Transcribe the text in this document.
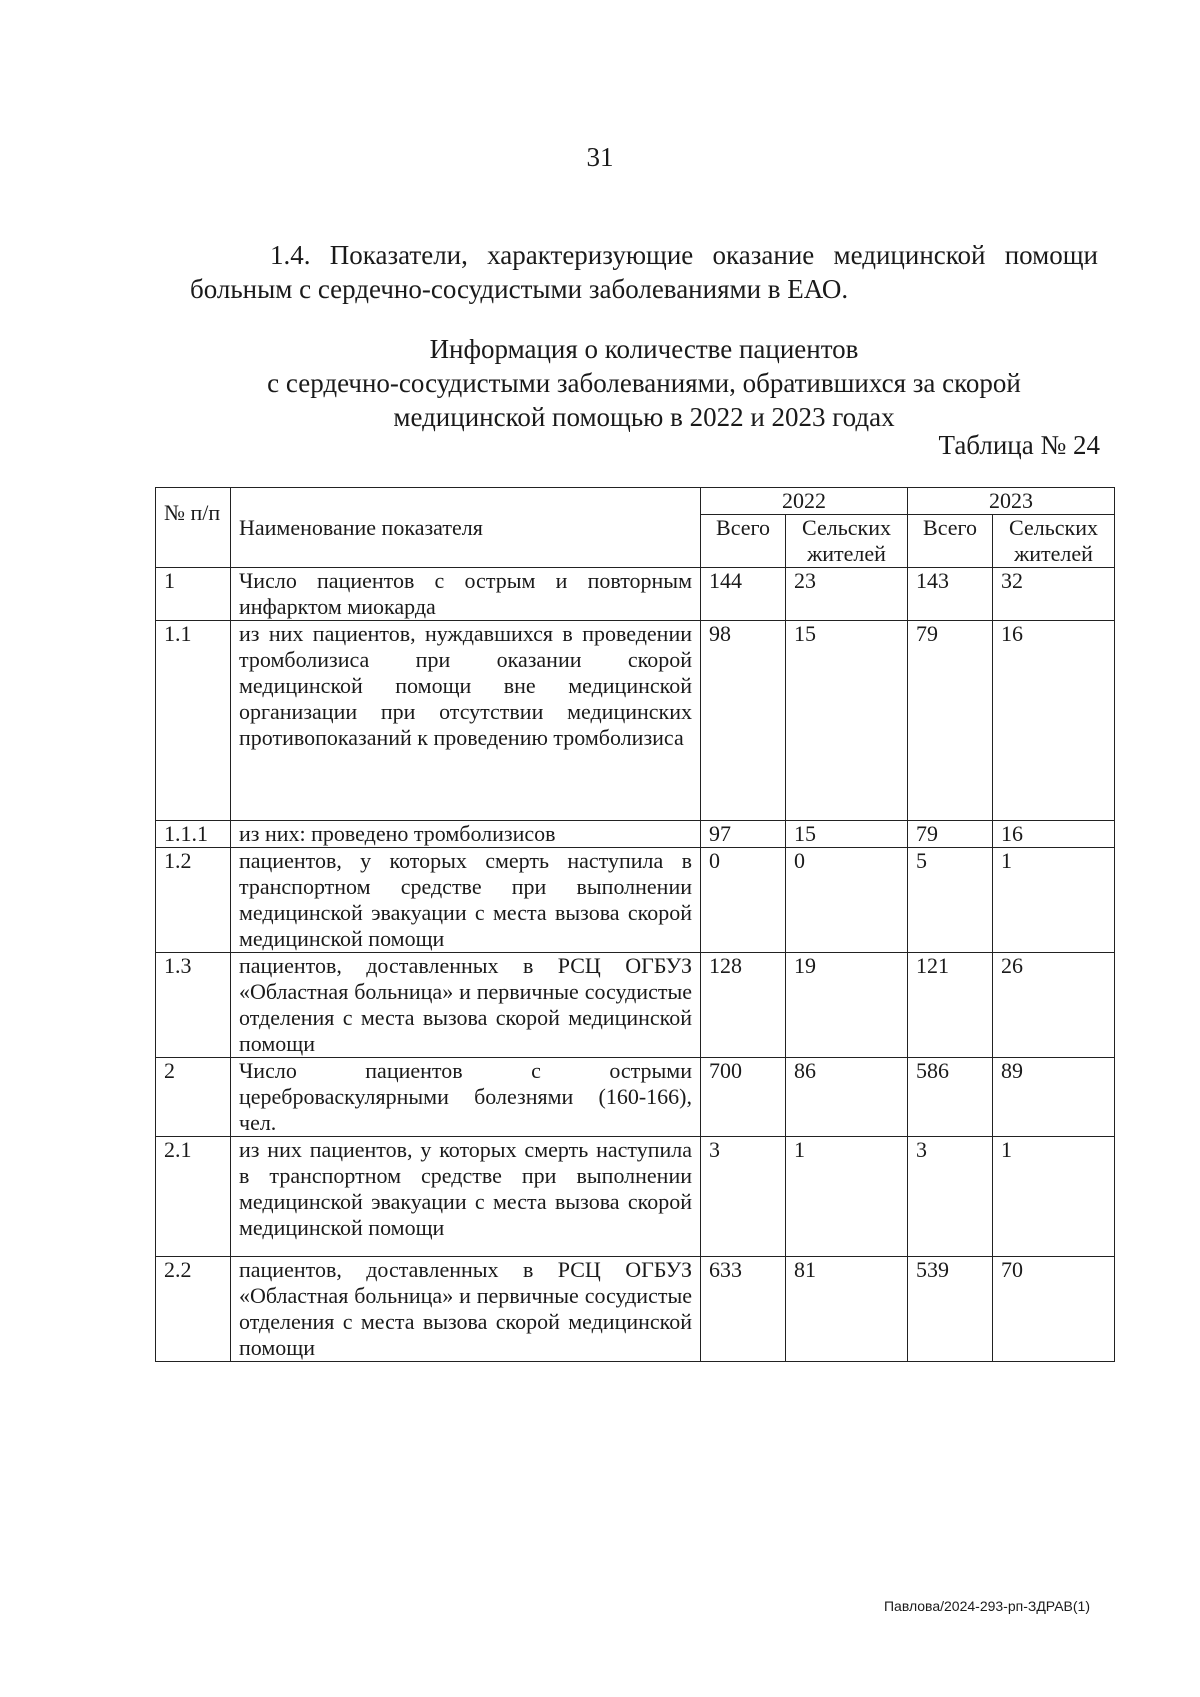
31
1.4. Показатели, характеризующие оказание медицинской помощи больным с сердечно-сосудистыми заболеваниями в ЕАО.
Информация о количестве пациентов
с сердечно-сосудистыми заболеваниями, обратившихся за скорой
медицинской помощью в 2022 и 2023 годах
Таблица № 24
№ п/п	Наименование показателя	2022		2023	
		Всего	Сельских жителей	Всего	Сельских жителей
1	Число пациентов с острым и повторным инфарктом миокарда	144	23	143	32
1.1	из них пациентов, нуждавшихся в проведении тромболизиса при оказании скорой медицинской помощи вне медицинской организации при отсутствии медицинских противопоказаний к проведению тромболизиса	98	15	79	16
1.1.1	из них: проведено тромболизисов	97	15	79	16
1.2	пациентов, у которых смерть наступила в транспортном средстве при выполнении медицинской эвакуации с места вызова скорой медицинской помощи	0	0	5	1
1.3	пациентов, доставленных в РСЦ ОГБУЗ «Областная больница» и первичные сосудистые отделения с места вызова скорой медицинской помощи	128	19	121	26
2	Число пациентов с острыми цереброваскулярными болезнями (160-166), чел.	700	86	586	89
2.1	из них пациентов, у которых смерть наступила в транспортном средстве при выполнении медицинской эвакуации с места вызова скорой медицинской помощи	3	1	3	1
2.2	пациентов, доставленных в РСЦ ОГБУЗ «Областная больница» и первичные сосудистые отделения с места вызова скорой медицинской помощи	633	81	539	70
Павлова/2024-293-рп-ЗДРАВ(1)
